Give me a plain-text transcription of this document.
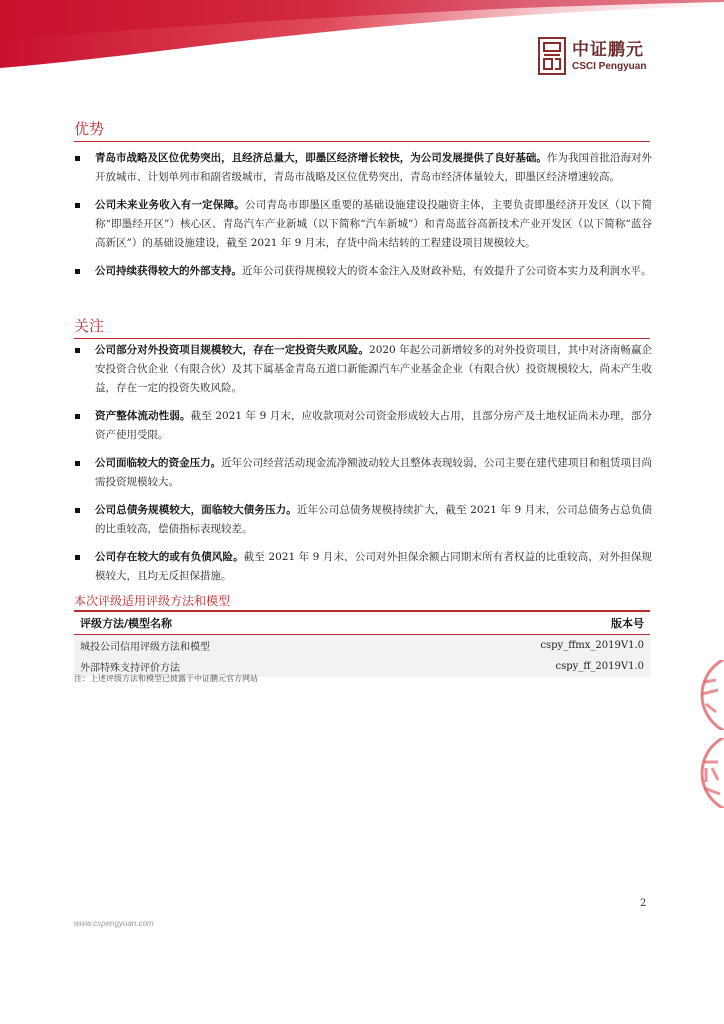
中证鹏元
CSCI Pengyuan
优势
青岛市战略及区位优势突出，且经济总量大，即墨区经济增长较快，为公司发展提供了良好基础。作为我国首批沿海对外开放城市、计划单列市和副省级城市，青岛市战略及区位优势突出，青岛市经济体量较大，即墨区经济增速较高。
公司未来业务收入有一定保障。公司青岛市即墨区重要的基础设施建设投融资主体，主要负责即墨经济开发区（以下简称“即墨经开区”）核心区、青岛汽车产业新城（以下简称“汽车新城”）和青岛蓝谷高新技术产业开发区（以下简称“蓝谷高新区”）的基础设施建设，截至 2021 年 9 月末，存货中尚未结转的工程建设项目规模较大。
公司持续获得较大的外部支持。近年公司获得规模较大的资本金注入及财政补贴，有效提升了公司资本实力及利润水平。
关注
公司部分对外投资项目规模较大，存在一定投资失败风险。2020 年起公司新增较多的对外投资项目，其中对济南畅赢企安投资合伙企业（有限合伙）及其下属基金青岛五道口新能源汽车产业基金企业（有限合伙）投资规模较大，尚未产生收益，存在一定的投资失败风险。
资产整体流动性弱。截至 2021 年 9 月末，应收款项对公司资金形成较大占用，且部分房产及土地权证尚未办理，部分资产使用受限。
公司面临较大的资金压力。近年公司经营活动现金流净额波动较大且整体表现较弱，公司主要在建代建项目和租赁项目尚需投资规模较大。
公司总债务规模较大，面临较大债务压力。近年公司总债务规模持续扩大，截至 2021 年 9 月末，公司总债务占总负债的比重较高，偿债指标表现较差。
公司存在较大的或有负债风险。截至 2021 年 9 月末，公司对外担保余额占同期末所有者权益的比重较高，对外担保规模较大，且均无反担保措施。
本次评级适用评级方法和模型
评级方法/模型名称	版本号
城投公司信用评级方法和模型	cspy_ffmx_2019V1.0
外部特殊支持评价方法	cspy_ff_2019V1.0
注：上述评级方法和模型已披露于中证鹏元官方网站
2
www.cspengyuan.com
